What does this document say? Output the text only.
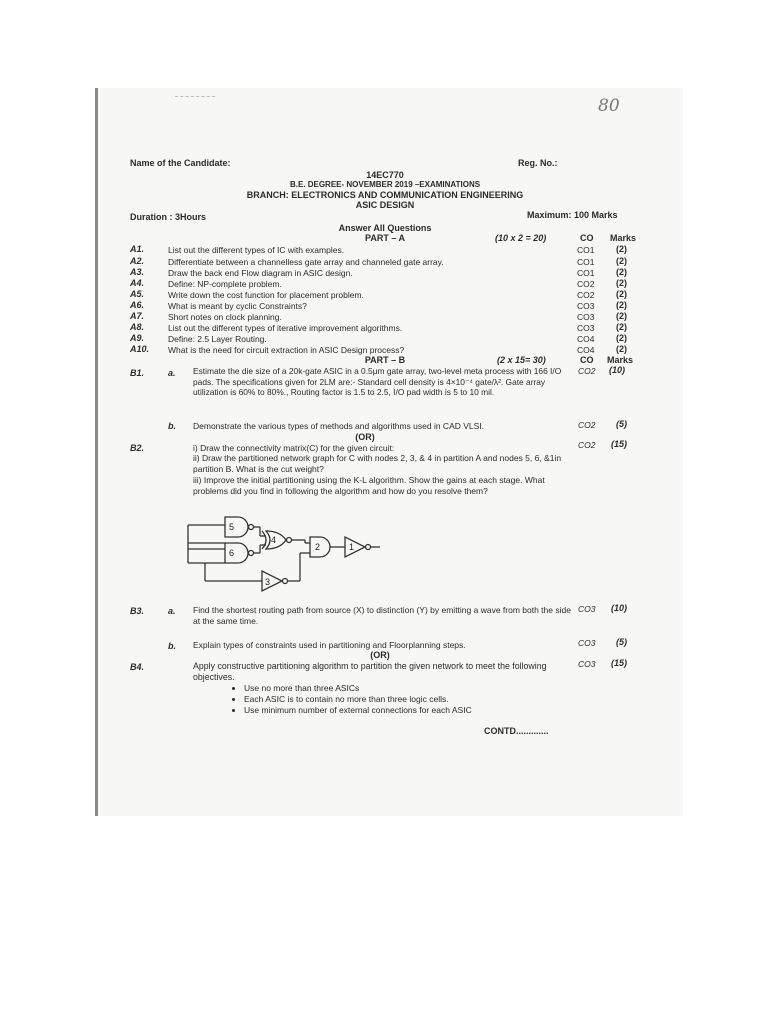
80
Name of the Candidate:	Reg. No.:
14EC770
B.E. DEGREE- NOVEMBER 2019 –EXAMINATIONS
BRANCH: ELECTRONICS AND COMMUNICATION ENGINEERING
ASIC DESIGN
Duration : 3Hours	Maximum: 100 Marks
Answer All Questions
PART – A	(10 x 2 = 20)	CO Marks
A1.	List out the different types of IC with examples.	CO1 (2)
A2.	Differentiate between a channelless gate array and channeled gate array.	CO1 (2)
A3.	Draw the back end Flow diagram in ASIC design.	CO1 (2)
A4.	Define: NP-complete problem.	CO2 (2)
A5.	Write down the cost function for placement problem.	CO2 (2)
A6.	What is meant by cyclic Constraints?	CO3 (2)
A7.	Short notes on clock planning.	CO3 (2)
A8.	List out the different types of iterative improvement algorithms.	CO3 (2)
A9.	Define: 2.5 Layer Routing.	CO4 (2)
A10. What is the need for circuit extraction in ASIC Design process?	CO4 (2)
PART – B	(2 x 15= 30)	CO Marks
B1.	a. Estimate the die size of a 20k-gate ASIC in a 0.5μm gate array, two-level meta process with 166 I/O pads. The specifications given for 2LM are:- Standard cell density is 4×10⁻⁴ gate/λ². Gate array utilization is 60% to 80%., Routing factor is 1.5 to 2.5, I/O pad width is 5 to 10 mil.
CO2 (10)
b. Demonstrate the various types of methods and algorithms used in CAD VLSI.	CO2 (5)
(OR)
B2.	i) Draw the connectivity matrix(C) for the given circuit:
ii) Draw the partitioned network graph for C with nodes 2, 3, & 4 in partition A and nodes 5, 6, &1in partition B. What is the cut weight?
iii) Improve the initial partitioning using the K-L algorithm. Show the gains at each stage. What problems did you find in following the algorithm and how do you resolve them?
CO2 (15)
5
6
4
2	1
3
B3.	a. Find the shortest routing path from source (X) to distinction (Y) by emitting a wave from both the side at the same time.
CO3 (10)
b. Explain types of constraints used in partitioning and Floorplanning steps.	CO3 (5)
(OR)
B4.	Apply constructive partitioning algorithm to partition the given network to meet the following objectives.
CO3 (15)
• Use no more than three ASICs
• Each ASIC is to contain no more than three logic cells.
• Use minimum number of external connections for each ASIC
CONTD.............
